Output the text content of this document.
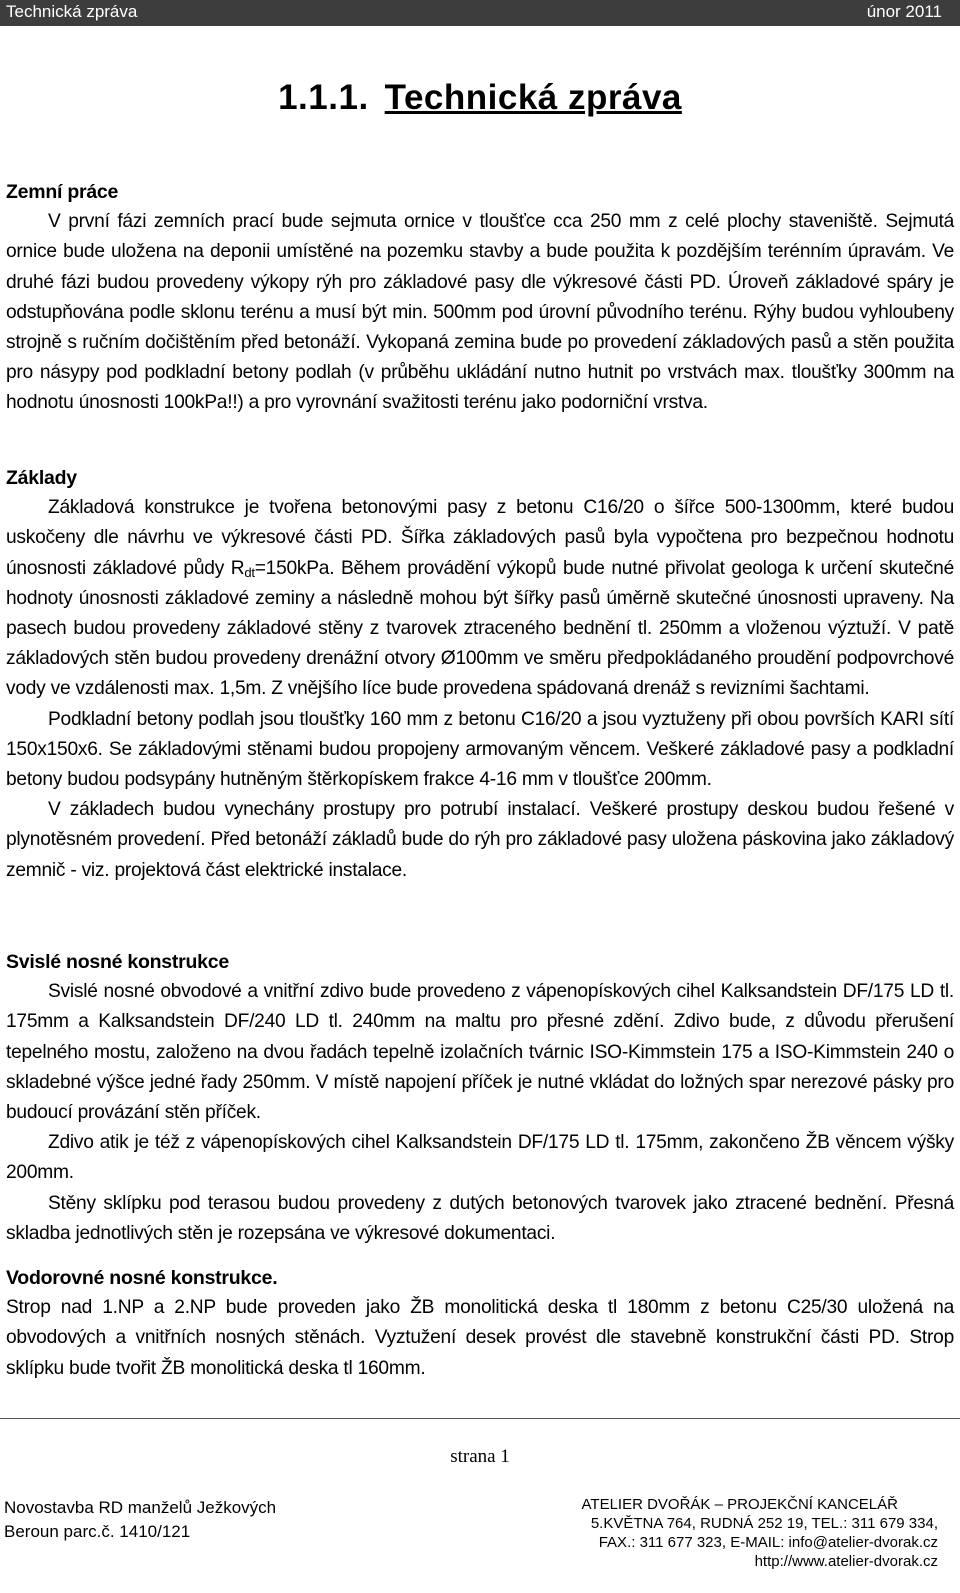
Technická zpráva	únor 2011
1.1.1. Technická zpráva

Zemní práce

V první fázi zemních prací bude sejmuta ornice v tloušťce cca 250 mm z celé plochy staveniště. Sejmutá ornice bude uložena na deponii umístěné na pozemku stavby a bude použita k pozdějším terénním úpravám. Ve druhé fázi budou provedeny výkopy rýh pro základové pasy dle výkresové části PD. Úroveň základové spáry je odstupňována podle sklonu terénu a musí být min. 500mm pod úrovní původního terénu. Rýhy budou vyhloubeny strojně s ručním dočištěním před betonáží. Vykopaná zemina bude po provedení základových pasů a stěn použita pro násypy pod podkladní betony podlah (v průběhu ukládání nutno hutnit po vrstvách max. tloušťky 300mm na hodnotu únosnosti 100kPa!!) a pro vyrovnání svažitosti terénu jako podorniční vrstva.

Základy

Základová konstrukce je tvořena betonovými pasy z betonu C16/20 o šířce 500-1300mm, které budou uskočeny dle návrhu ve výkresové části PD. Šířka základových pasů byla vypočtena pro bezpečnou hodnotu únosnosti základové půdy $R_{dt}=150kPa$. Během provádění výkopů bude nutné přivolat geologa k určení skutečné hodnoty únosnosti základové zeminy a následně mohou být šířky pasů úměrně skutečné únosnosti upraveny. Na pasech budou provedeny základové stěny z tvarovek ztraceného bednění tl. 250mm a vloženou výztuží. V patě základových stěn budou provedeny drenážní otvory Ø100mm ve směru předpokládaného proudění podpovrchové vody ve vzdálenosti max. 1,5m. Z vnějšího líce bude provedena spádovaná drenáž s revizními šachtami.

Podkladní betony podlah jsou tloušťky 160 mm z betonu C16/20 a jsou vyztuženy při obou površích KARI sítí 150x150x6. Se základovými stěnami budou propojeny armovaným věncem. Veškeré základové pasy a podkladní betony budou podsypány hutněným štěrkopískem frakce 4-16 mm v tloušťce 200mm.

V základech budou vynechány prostupy pro potrubí instalací. Veškeré prostupy deskou budou řešené v plynotěsném provedení. Před betonáží základů bude do rýh pro základové pasy uložena páskovina jako základový zemnič - viz. projektová část elektrické instalace.

Svislé nosné konstrukce

Svislé nosné obvodové a vnitřní zdivo bude provedeno z vápenopískových cihel Kalksandstein DF/175 LD tl. 175mm a Kalksandstein DF/240 LD tl. 240mm na maltu pro přesné zdění. Zdivo bude, z důvodu přerušení tepelného mostu, založeno na dvou řadách tepelně izolačních tvárnic ISO-Kimmstein 175 a ISO-Kimmstein 240 o skladebné výšce jedné řady 250mm. V místě napojení příček je nutné vkládat do ložných spar nerezové pásky pro budoucí provázání stěn příček.

Zdivo atik je též z vápenopískových cihel Kalksandstein DF/175 LD tl. 175mm, zakončeno ŽB věncem výšky 200mm.

Stěny sklípku pod terasou budou provedeny z dutých betonových tvarovek jako ztracené bednění. Přesná skladba jednotlivých stěn je rozepsána ve výkresové dokumentaci.

Vodorovné nosné konstrukce.

Strop nad 1.NP a 2.NP bude proveden jako ŽB monolitická deska tl 180mm z betonu C25/30 uložená na obvodových a vnitřních nosných stěnách. Vyztužení desek provést dle stavebně konstrukční části PD. Strop sklípku bude tvořit ŽB monolitická deska tl 160mm.

strana 1
Novostavba RD manželů Ježkových
Beroun parc.č. 1410/121
ATELIER DVOŘÁK – PROJEKČNÍ KANCELÁŘ
5.KVĚTNA 764, RUDNÁ 252 19, TEL.: 311 679 334,
FAX.: 311 677 323, E-MAIL: info@atelier-dvorak.cz
http://www.atelier-dvorak.cz
